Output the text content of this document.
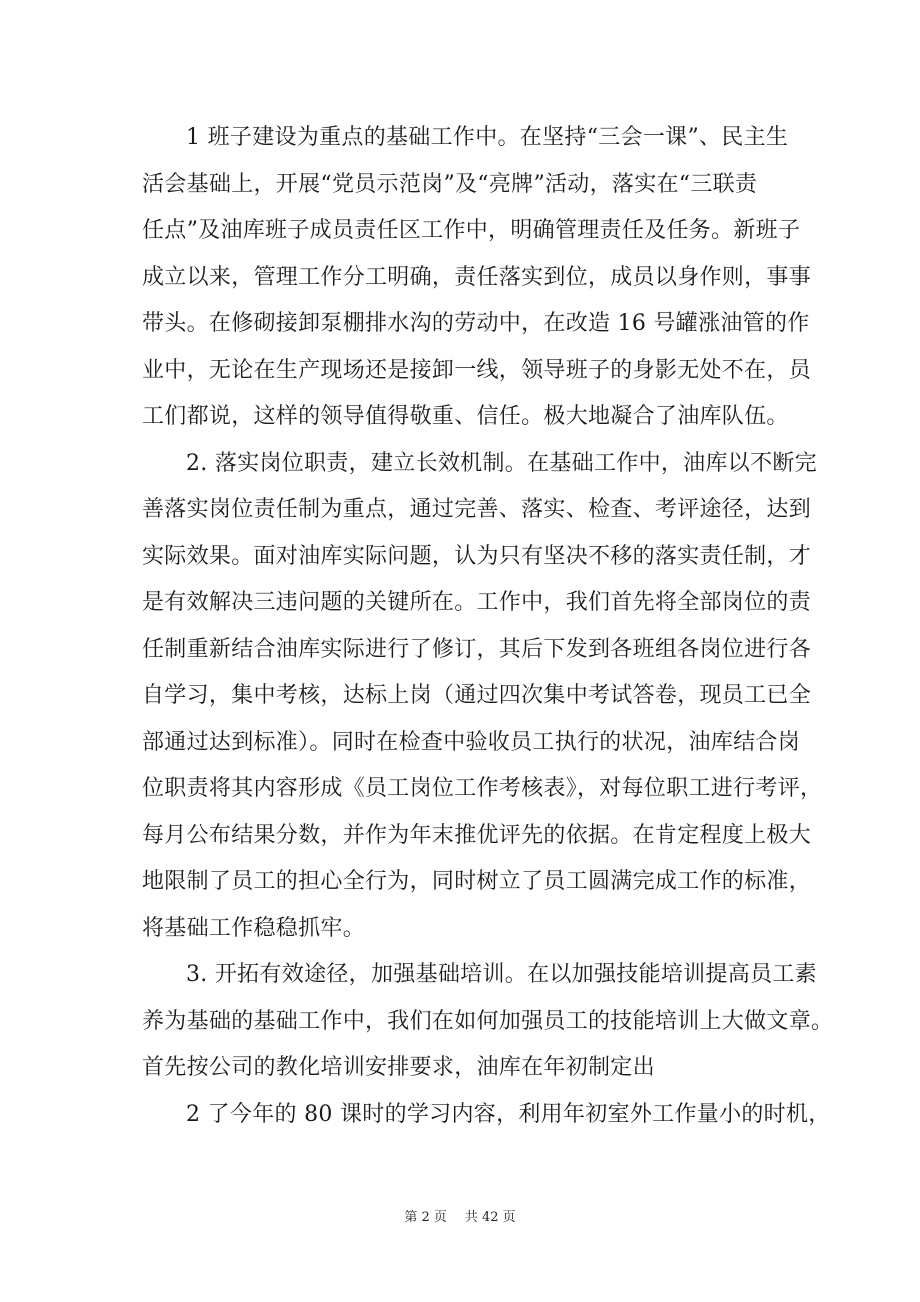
1 班子建设为重点的基础工作中。在坚持“三会一课”、民主生
活会基础上，开展“党员示范岗”及“亮牌”活动，落实在“三联责
任点”及油库班子成员责任区工作中，明确管理责任及任务。新班子
成立以来，管理工作分工明确，责任落实到位，成员以身作则，事事
带头。在修砌接卸泵棚排水沟的劳动中，在改造 16 号罐涨油管的作
业中，无论在生产现场还是接卸一线，领导班子的身影无处不在，员
工们都说，这样的领导值得敬重、信任。极大地凝合了油库队伍。
2. 落实岗位职责，建立长效机制。在基础工作中，油库以不断完
善落实岗位责任制为重点，通过完善、落实、检查、考评途径，达到
实际效果。面对油库实际问题，认为只有坚决不移的落实责任制，才
是有效解决三违问题的关键所在。工作中，我们首先将全部岗位的责
任制重新结合油库实际进行了修订，其后下发到各班组各岗位进行各
自学习，集中考核，达标上岗（通过四次集中考试答卷，现员工已全
部通过达到标准）。同时在检查中验收员工执行的状况，油库结合岗
位职责将其内容形成《员工岗位工作考核表》，对每位职工进行考评，
每月公布结果分数，并作为年末推优评先的依据。在肯定程度上极大
地限制了员工的担心全行为，同时树立了员工圆满完成工作的标准，
将基础工作稳稳抓牢。
3. 开拓有效途径，加强基础培训。在以加强技能培训提高员工素
养为基础的基础工作中，我们在如何加强员工的技能培训上大做文章。
首先按公司的教化培训安排要求，油库在年初制定出
2 了今年的 80 课时的学习内容，利用年初室外工作量小的时机，
第 2 页 共 42 页
